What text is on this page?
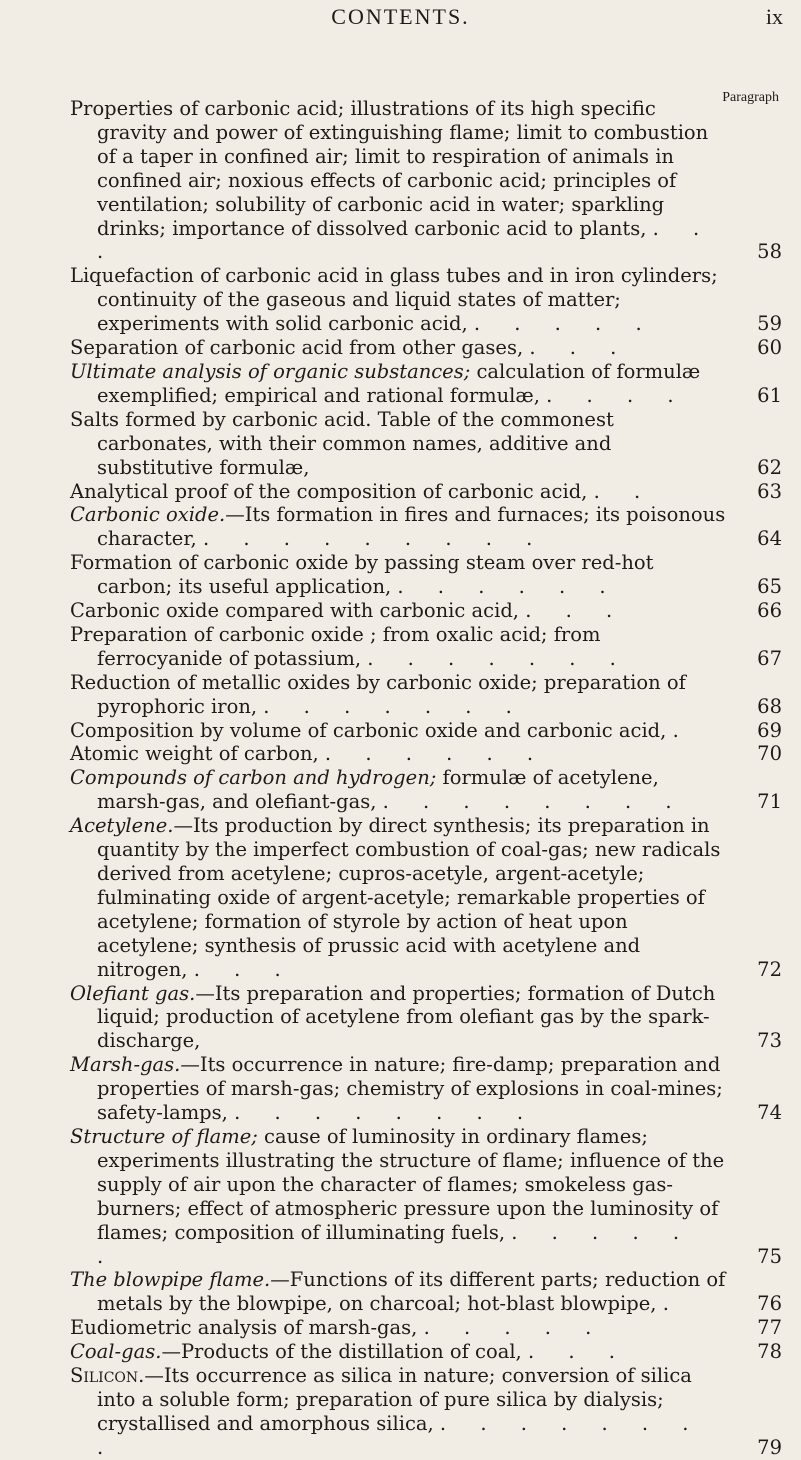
CONTENTS.	ix
Paragraph
Properties of carbonic acid; illustrations of its high specific gravity and power of extinguishing flame; limit to combustion of a taper in confined air; limit to respiration of animals in confined air; noxious effects of carbonic acid; principles of ventilation; solubility of carbonic acid in water; sparkling drinks; importance of dissolved carbonic acid to plants, . . .	58
Liquefaction of carbonic acid in glass tubes and in iron cylinders; continuity of the gaseous and liquid states of matter; experiments with solid carbonic acid, . . . . .	59
Separation of carbonic acid from other gases, . . .	60
Ultimate analysis of organic substances; calculation of formulæ exemplified; empirical and rational formulæ, . . . .	61
Salts formed by carbonic acid. Table of the commonest carbonates, with their common names, additive and substitutive formulæ,	62
Analytical proof of the composition of carbonic acid, . .	63
Carbonic oxide.—Its formation in fires and furnaces; its poisonous character, . . . . . . . . .	64
Formation of carbonic oxide by passing steam over red-hot carbon; its useful application, . . . . . .	65
Carbonic oxide compared with carbonic acid, . . .	66
Preparation of carbonic oxide ; from oxalic acid; from ferrocyanide of potassium, . . . . . . .	67
Reduction of metallic oxides by carbonic oxide; preparation of pyrophoric iron, . . . . . . .	68
Composition by volume of carbonic oxide and carbonic acid, .	69
Atomic weight of carbon, . . . . . .	70
Compounds of carbon and hydrogen; formulæ of acetylene, marsh-gas, and olefiant-gas, . . . . . . . .	71
Acetylene.—Its production by direct synthesis; its preparation in quantity by the imperfect combustion of coal-gas; new radicals derived from acetylene; cupros-acetyle, argent-acetyle; fulminating oxide of argent-acetyle; remarkable properties of acetylene; formation of styrole by action of heat upon acetylene; synthesis of prussic acid with acetylene and nitrogen, . . .	72
Olefiant gas.—Its preparation and properties; formation of Dutch liquid; production of acetylene from olefiant gas by the spark-discharge,	73
Marsh-gas.—Its occurrence in nature; fire-damp; preparation and properties of marsh-gas; chemistry of explosions in coal-mines; safety-lamps, . . . . . . . .	74
Structure of flame; cause of luminosity in ordinary flames; experiments illustrating the structure of flame; influence of the supply of air upon the character of flames; smokeless gas-burners; effect of atmospheric pressure upon the luminosity of flames; composition of illuminating fuels, . . . . . .	75
The blowpipe flame.—Functions of its different parts; reduction of metals by the blowpipe, on charcoal; hot-blast blowpipe, .	76
Eudiometric analysis of marsh-gas, . . . . .	77
Coal-gas.—Products of the distillation of coal, . . .	78
Silicon.—Its occurrence as silica in nature; conversion of silica into a soluble form; preparation of pure silica by dialysis; crystallised and amorphous silica, . . . . . . . .	79
